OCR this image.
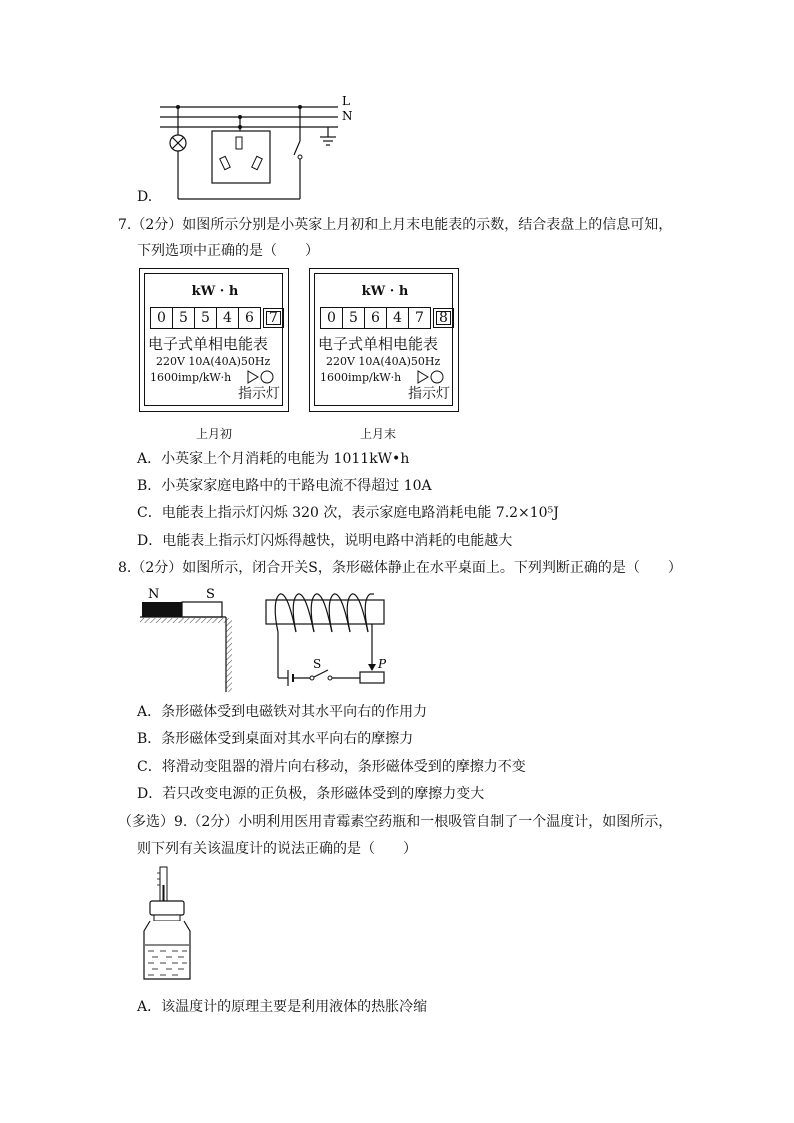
L
N
D.
7.（2分）如图所示分别是小英家上月初和上月末电能表的示数，结合表盘上的信息可知，
下列选项中正确的是（　　）
kW · h
0 5 5 4 6	7
电子式单相电能表
220V 10A(40A)50Hz
1600imp/kW·h
指示灯
上月初
kW · h
0 5 6 4 7	8
电子式单相电能表
220V 10A(40A)50Hz
1600imp/kW·h
指示灯
上月末
A．小英家上个月消耗的电能为 1011kW•h
B．小英家家庭电路中的干路电流不得超过 10A
C．电能表上指示灯闪烁 320 次，表示家庭电路消耗电能 7.2×10⁵J
D．电能表上指示灯闪烁得越快，说明电路中消耗的电能越大
8.（2分）如图所示，闭合开关S，条形磁体静止在水平桌面上。下列判断正确的是（　　）
N	S
S	P
A．条形磁体受到电磁铁对其水平向右的作用力
B．条形磁体受到桌面对其水平向右的摩擦力
C．将滑动变阻器的滑片向右移动，条形磁体受到的摩擦力不变
D．若只改变电源的正负极，条形磁体受到的摩擦力变大
（多选）9.（2分）小明利用医用青霉素空药瓶和一根吸管自制了一个温度计，如图所示，
则下列有关该温度计的说法正确的是（　　）
A．该温度计的原理主要是利用液体的热胀冷缩
